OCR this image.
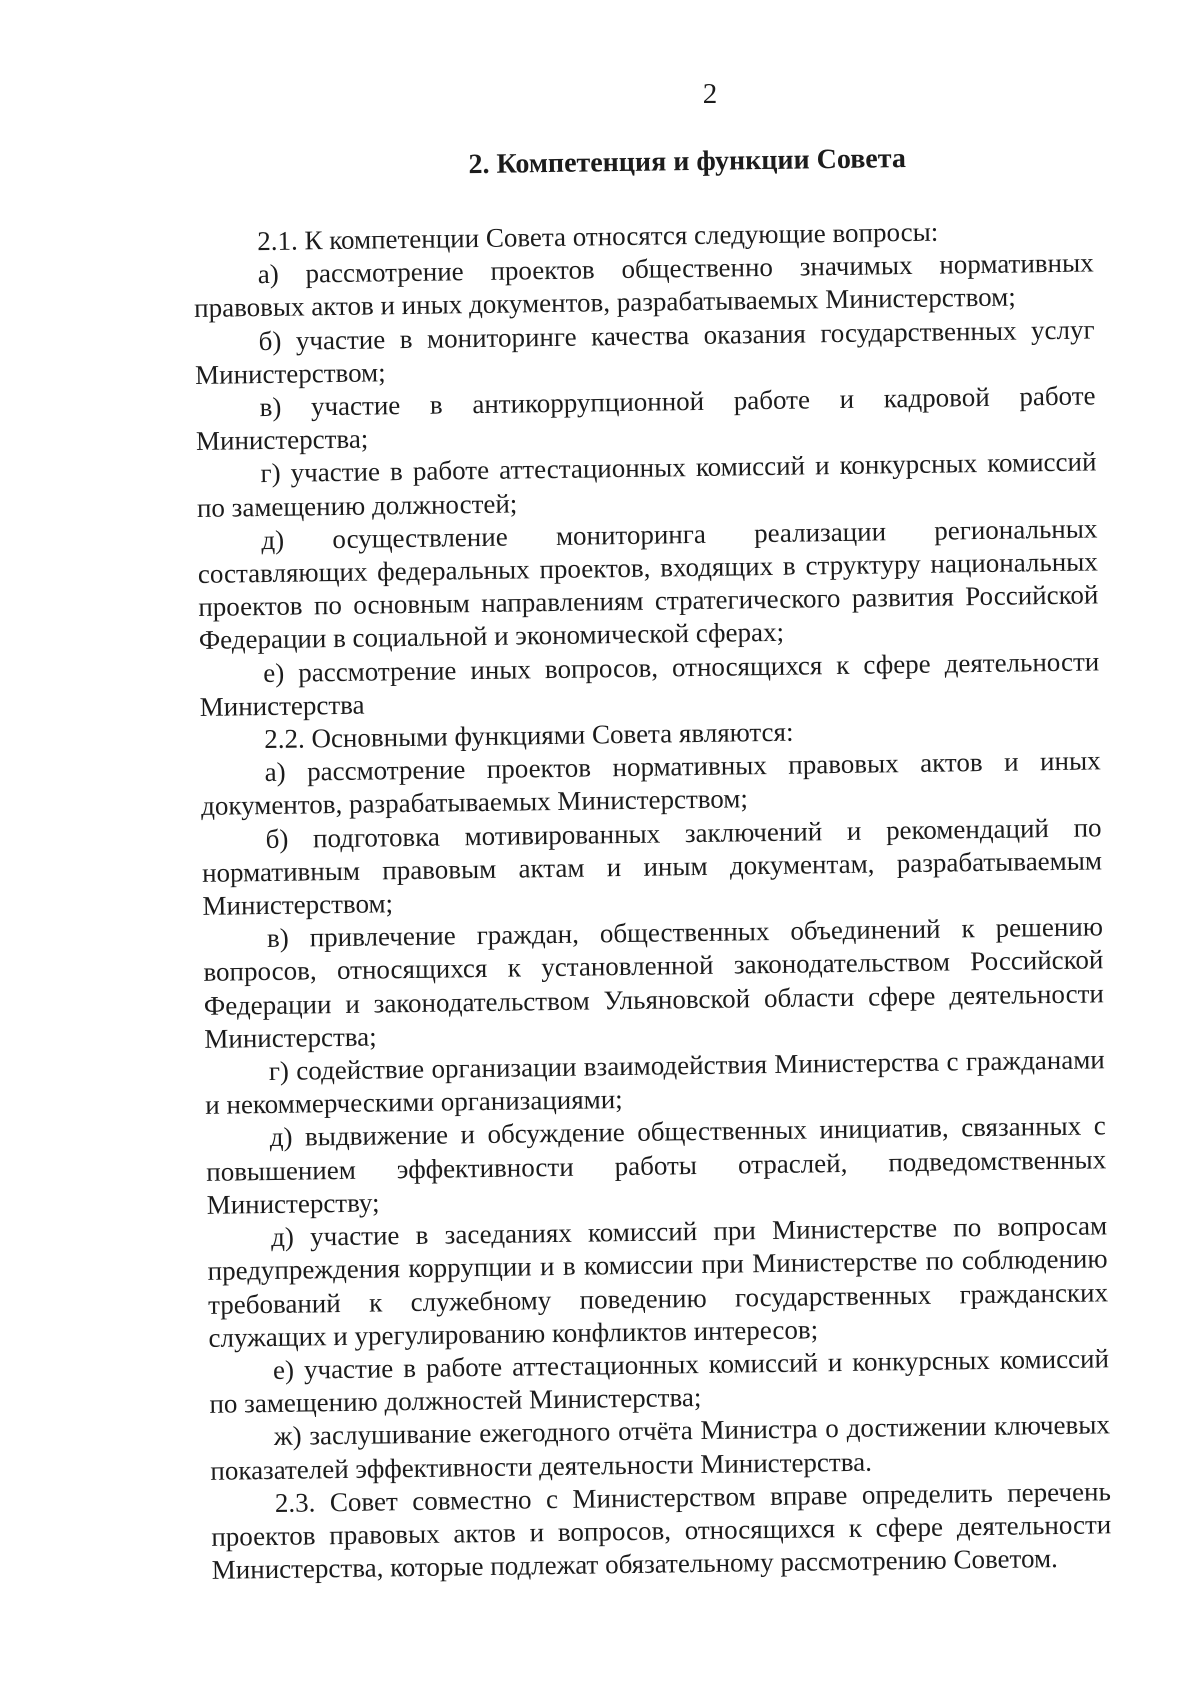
2
2. Компетенция и функции Совета

2.1. К компетенции Совета относятся следующие вопросы:

а) рассмотрение проектов общественно значимых нормативных правовых актов и иных документов, разрабатываемых Министерством;

б) участие в мониторинге качества оказания государственных услуг Министерством;

в) участие в антикоррупционной работе и кадровой работе Министерства;

г) участие в работе аттестационных комиссий и конкурсных комиссий по замещению должностей;

д) осуществление мониторинга реализации региональных составляющих федеральных проектов, входящих в структуру национальных проектов по основным направлениям стратегического развития Российской Федерации в социальной и экономической сферах;

е) рассмотрение иных вопросов, относящихся к сфере деятельности Министерства

2.2. Основными функциями Совета являются:

а) рассмотрение проектов нормативных правовых актов и иных документов, разрабатываемых Министерством;

б) подготовка мотивированных заключений и рекомендаций по нормативным правовым актам и иным документам, разрабатываемым Министерством;

в) привлечение граждан, общественных объединений к решению вопросов, относящихся к установленной законодательством Российской Федерации и законодательством Ульяновской области сфере деятельности Министерства;

г) содействие организации взаимодействия Министерства с гражданами и некоммерческими организациями;

д) выдвижение и обсуждение общественных инициатив, связанных с повышением эффективности работы отраслей, подведомственных Министерству;

д) участие в заседаниях комиссий при Министерстве по вопросам предупреждения коррупции и в комиссии при Министерстве по соблюдению требований к служебному поведению государственных гражданских служащих и урегулированию конфликтов интересов;

е) участие в работе аттестационных комиссий и конкурсных комиссий по замещению должностей Министерства;

ж) заслушивание ежегодного отчёта Министра о достижении ключевых показателей эффективности деятельности Министерства.

2.3. Совет совместно с Министерством вправе определить перечень проектов правовых актов и вопросов, относящихся к сфере деятельности Министерства, которые подлежат обязательному рассмотрению Советом.
